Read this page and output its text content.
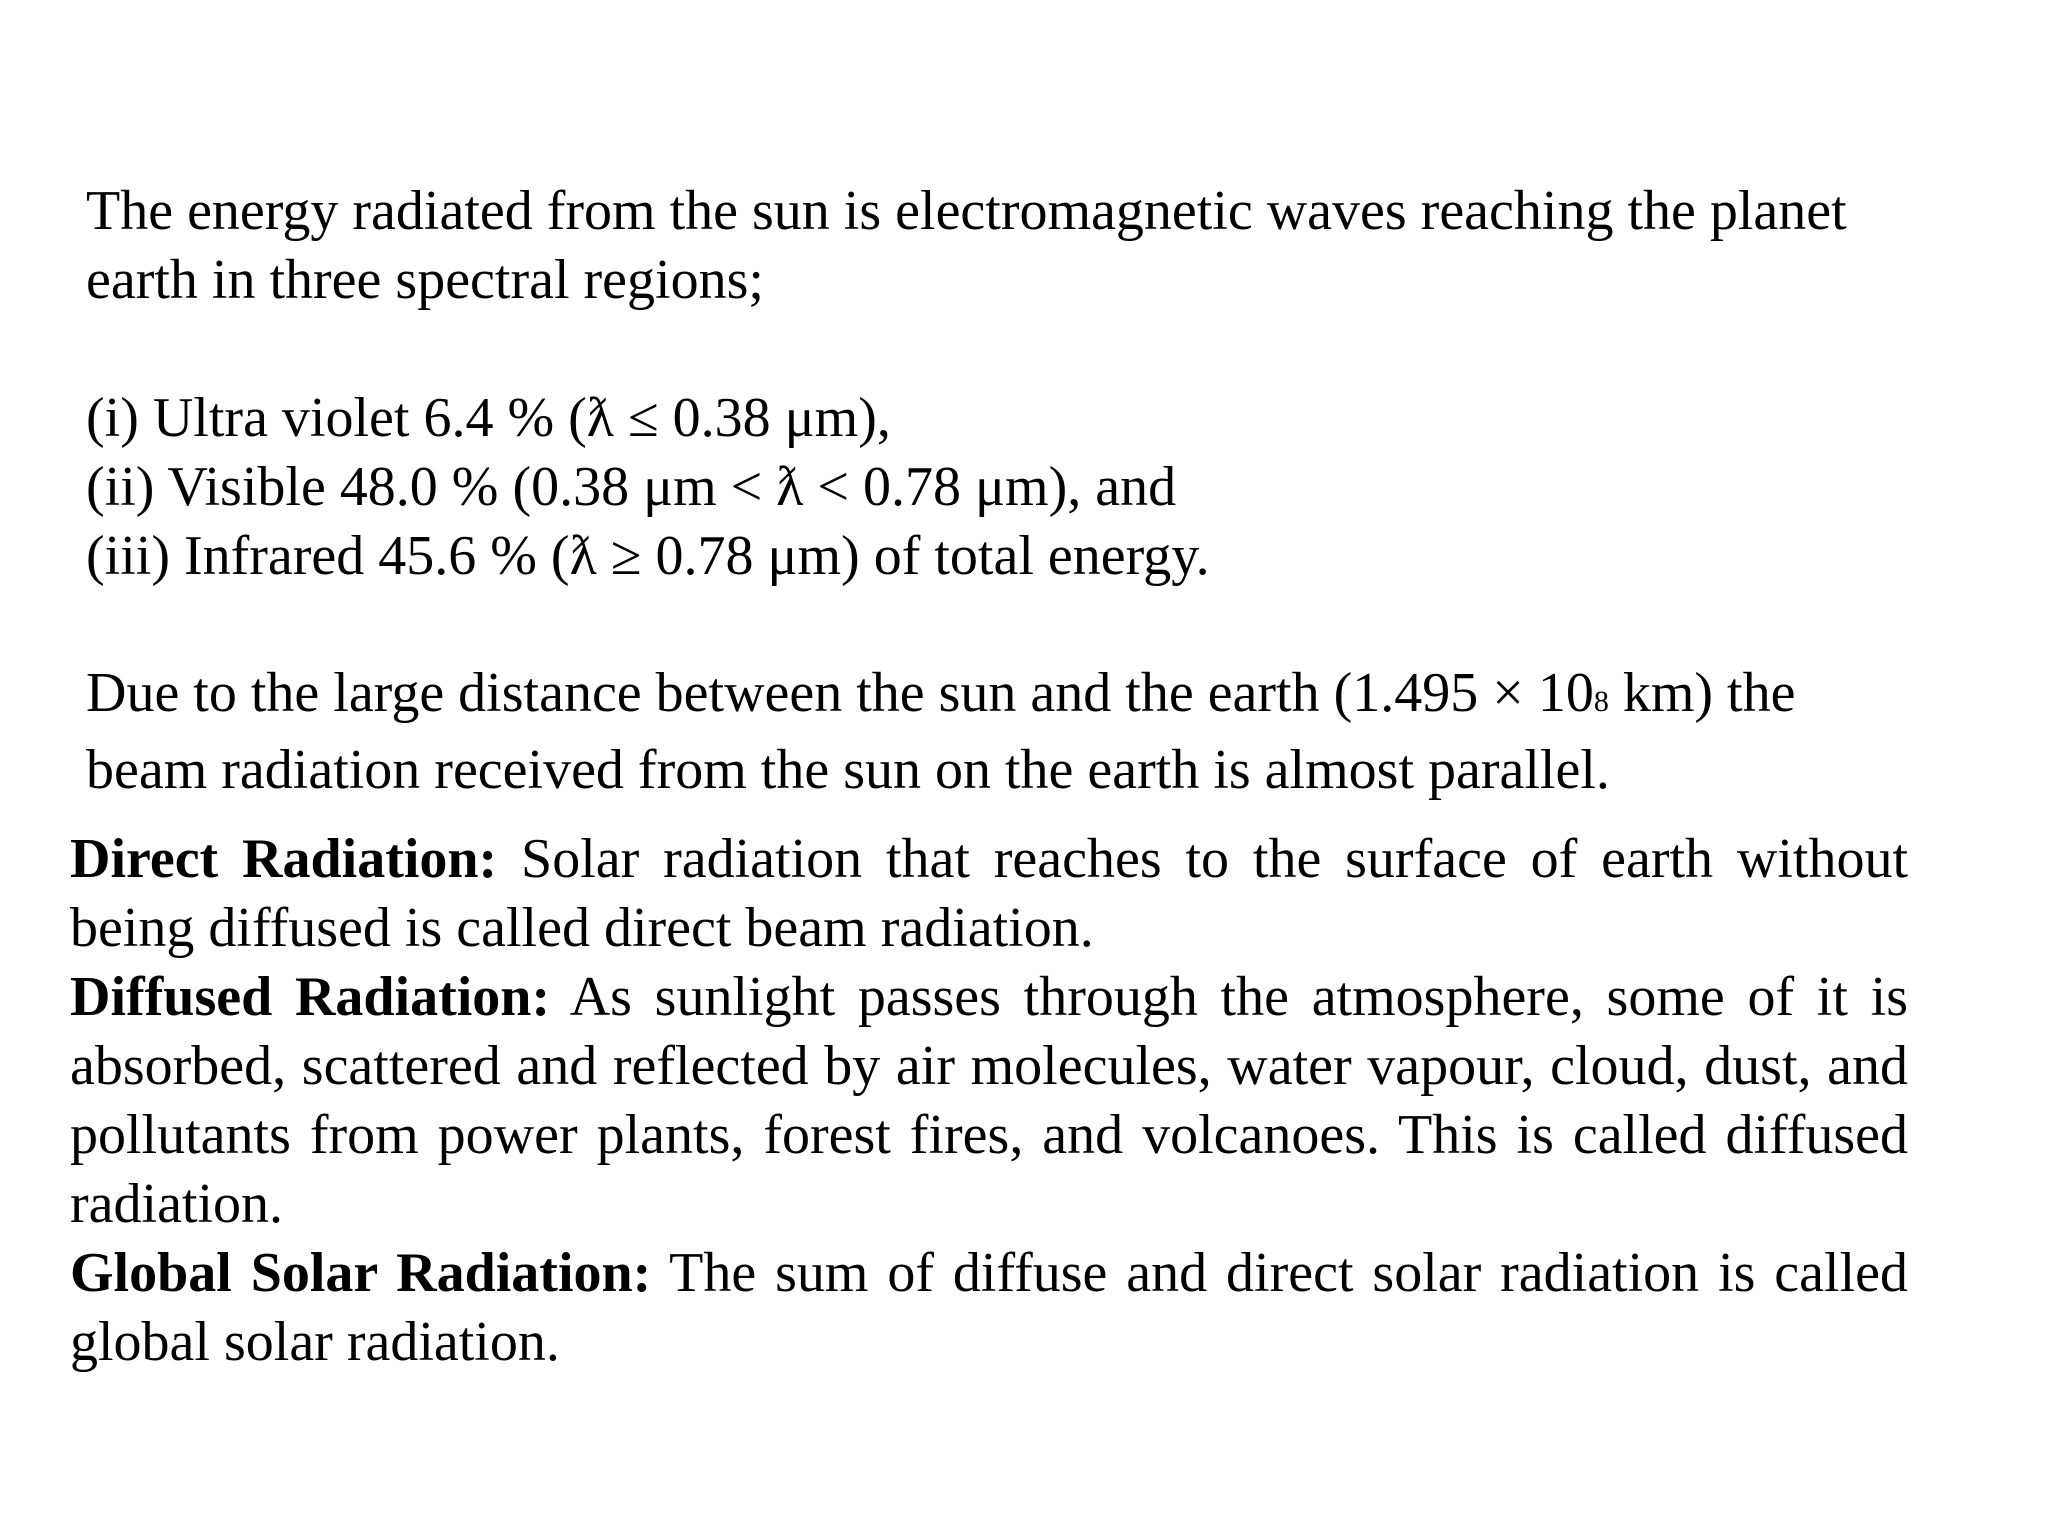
The energy radiated from the sun is electromagnetic waves reaching the planet
earth in three spectral regions;

(i) Ultra violet 6.4 % (ƛ ≤ 0.38 μm),
(ii) Visible 48.0 % (0.38 μm < ƛ < 0.78 μm), and
(iii) Infrared 45.6 % (ƛ ≥ 0.78 μm) of total energy.

Due to the large distance between the sun and the earth (1.495 × 108 km) the
beam radiation received from the sun on the earth is almost parallel.

Direct Radiation: Solar radiation that reaches to the surface of earth without being diffused is called direct beam radiation.

Diffused Radiation: As sunlight passes through the atmosphere, some of it is absorbed, scattered and reflected by air molecules, water vapour, cloud, dust, and pollutants from power plants, forest fires, and volcanoes. This is called diffused radiation.

Global Solar Radiation: The sum of diffuse and direct solar radiation is called global solar radiation.
